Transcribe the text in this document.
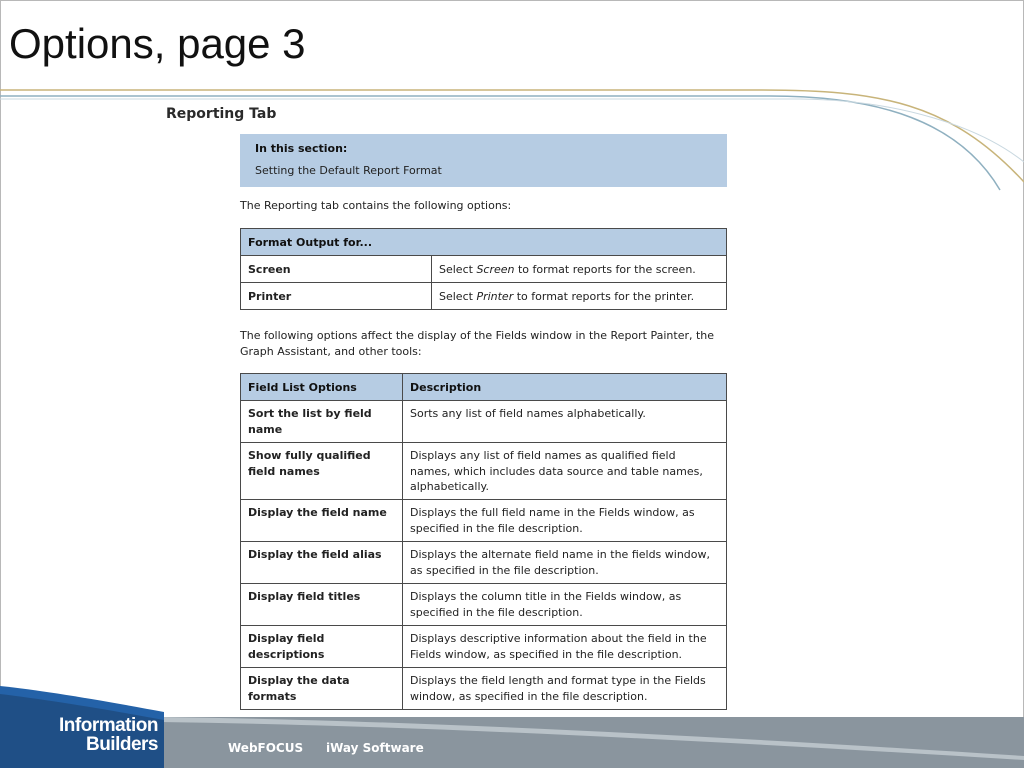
Options, page 3
Reporting Tab
In this section:
Setting the Default Report Format

The Reporting tab contains the following options:

Format Output for...	
Screen	Select Screen to format reports for the screen.
Printer	Select Printer to format reports for the printer.

The following options affect the display of the Fields window in the Report Painter, the Graph Assistant, and other tools:

Field List Options	Description
Sort the list by field name	Sorts any list of field names alphabetically.
Show fully qualified field names	Displays any list of field names as qualified field names, which includes data source and table names, alphabetically.
Display the field name	Displays the full field name in the Fields window, as specified in the file description.
Display the field alias	Displays the alternate field name in the fields window, as specified in the file description.
Display field titles	Displays the column title in the Fields window, as specified in the file description.
Display field descriptions	Displays descriptive information about the field in the Fields window, as specified in the file description.
Display the data formats	Displays the field length and format type in the Fields window, as specified in the file description.
Information
Builders	WebFOCUS iWay Software
